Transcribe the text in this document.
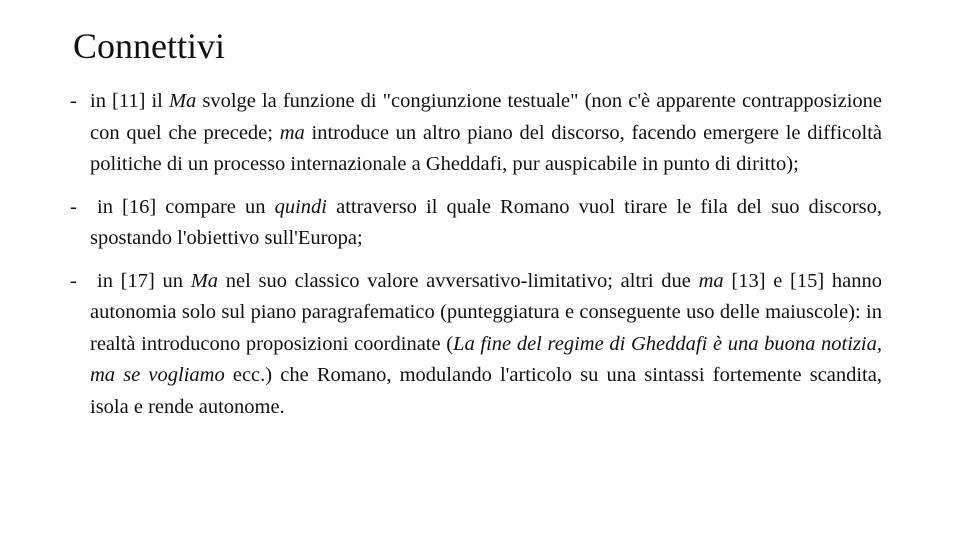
Connettivi
- in [11] il Ma svolge la funzione di "congiunzione testuale" (non c'è apparente contrapposizione con quel che precede; ma introduce un altro piano del discorso, facendo emergere le difficoltà politiche di un processo internazionale a Gheddafi, pur auspicabile in punto di diritto);
- in [16] compare un quindi attraverso il quale Romano vuol tirare le fila del suo discorso, spostando l'obiettivo sull'Europa;
- in [17] un Ma nel suo classico valore avversativo-limitativo; altri due ma [13] e [15] hanno autonomia solo sul piano paragrafematico (punteggiatura e conseguente uso delle maiuscole): in realtà introducono proposizioni coordinate (La fine del regime di Gheddafi è una buona notizia, ma se vogliamo ecc.) che Romano, modulando l'articolo su una sintassi fortemente scandita, isola e rende autonome.
